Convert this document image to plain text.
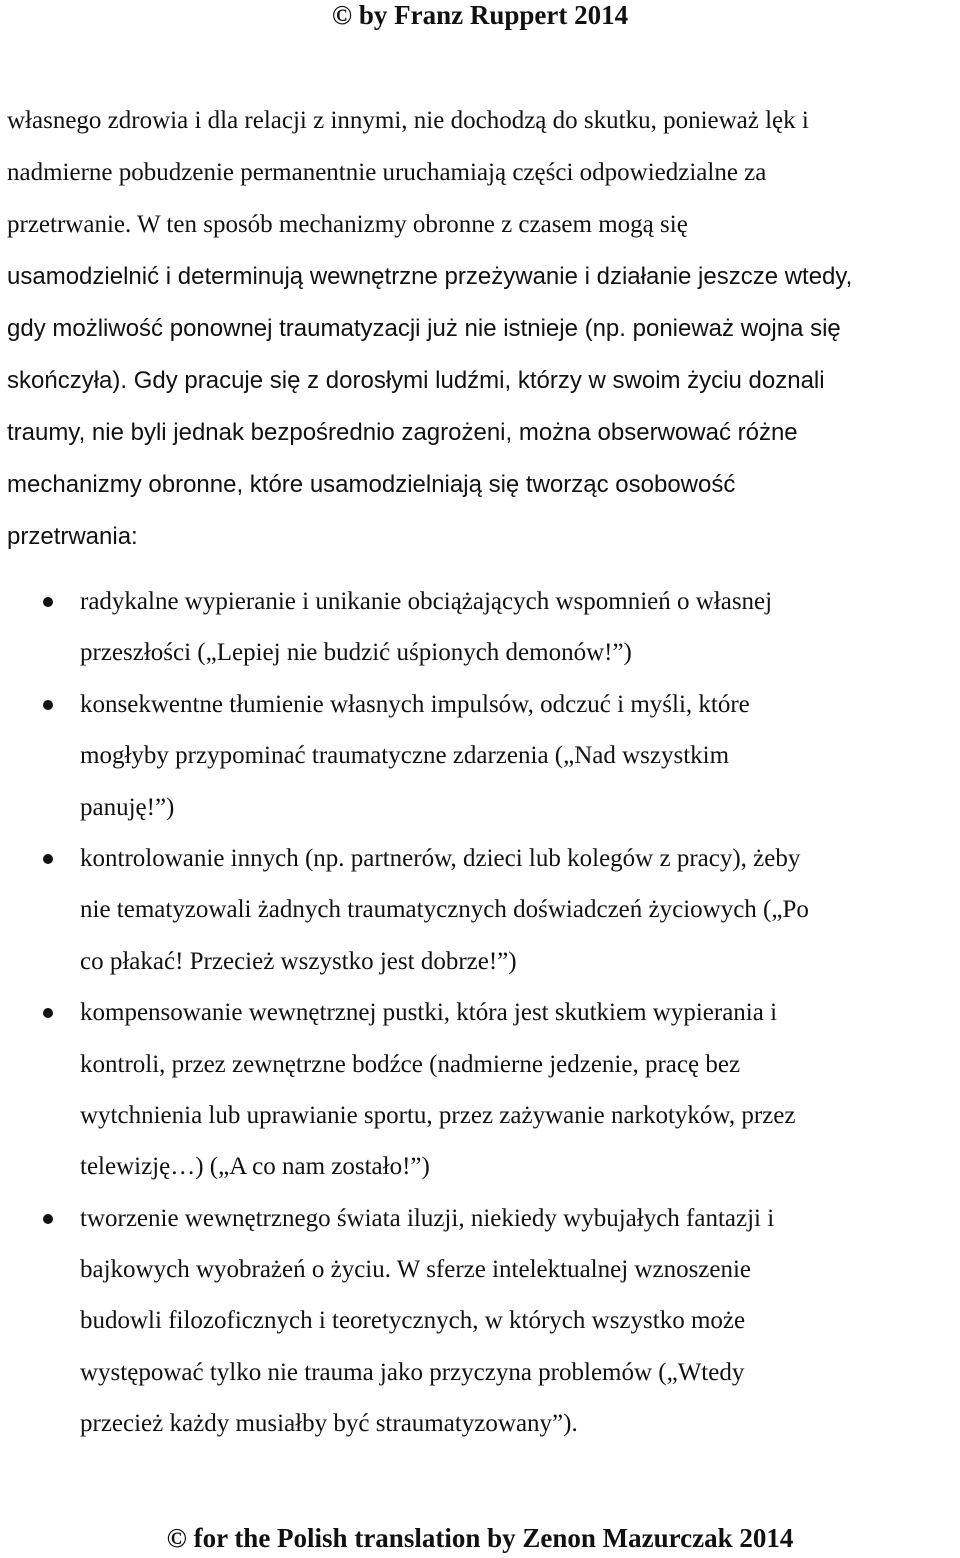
© by Franz Ruppert 2014
własnego zdrowia i dla relacji z innymi, nie dochodzą do skutku, ponieważ lęk i
nadmierne pobudzenie permanentnie uruchamiają części odpowiedzialne za
przetrwanie. W ten sposób mechanizmy obronne z czasem mogą się
usamodzielnić i determinują wewnętrzne przeżywanie i działanie jeszcze wtedy,
gdy możliwość ponownej traumatyzacji już nie istnieje (np. ponieważ wojna się
skończyła). Gdy pracuje się z dorosłymi ludźmi, którzy w swoim życiu doznali
traumy, nie byli jednak bezpośrednio zagrożeni, można obserwować różne
mechanizmy obronne, które usamodzielniają się tworząc osobowość
przetrwania:
radykalne wypieranie i unikanie obciążających wspomnień o własnej
przeszłości („Lepiej nie budzić uśpionych demonów!”)
konsekwentne tłumienie własnych impulsów, odczuć i myśli, które
mogłyby przypominać traumatyczne zdarzenia („Nad wszystkim
panuję!”)
kontrolowanie innych (np. partnerów, dzieci lub kolegów z pracy), żeby
nie tematyzowali żadnych traumatycznych doświadczeń życiowych („Po
co płakać! Przecież wszystko jest dobrze!”)
kompensowanie wewnętrznej pustki, która jest skutkiem wypierania i
kontroli, przez zewnętrzne bodźce (nadmierne jedzenie, pracę bez
wytchnienia lub uprawianie sportu, przez zażywanie narkotyków, przez
telewizję…) („A co nam zostało!”)
tworzenie wewnętrznego świata iluzji, niekiedy wybujałych fantazji i
bajkowych wyobrażeń o życiu. W sferze intelektualnej wznoszenie
budowli filozoficznych i teoretycznych, w których wszystko może
występować tylko nie trauma jako przyczyna problemów („Wtedy
przecież każdy musiałby być straumatyzowany”).
© for the Polish translation by Zenon Mazurczak 2014
